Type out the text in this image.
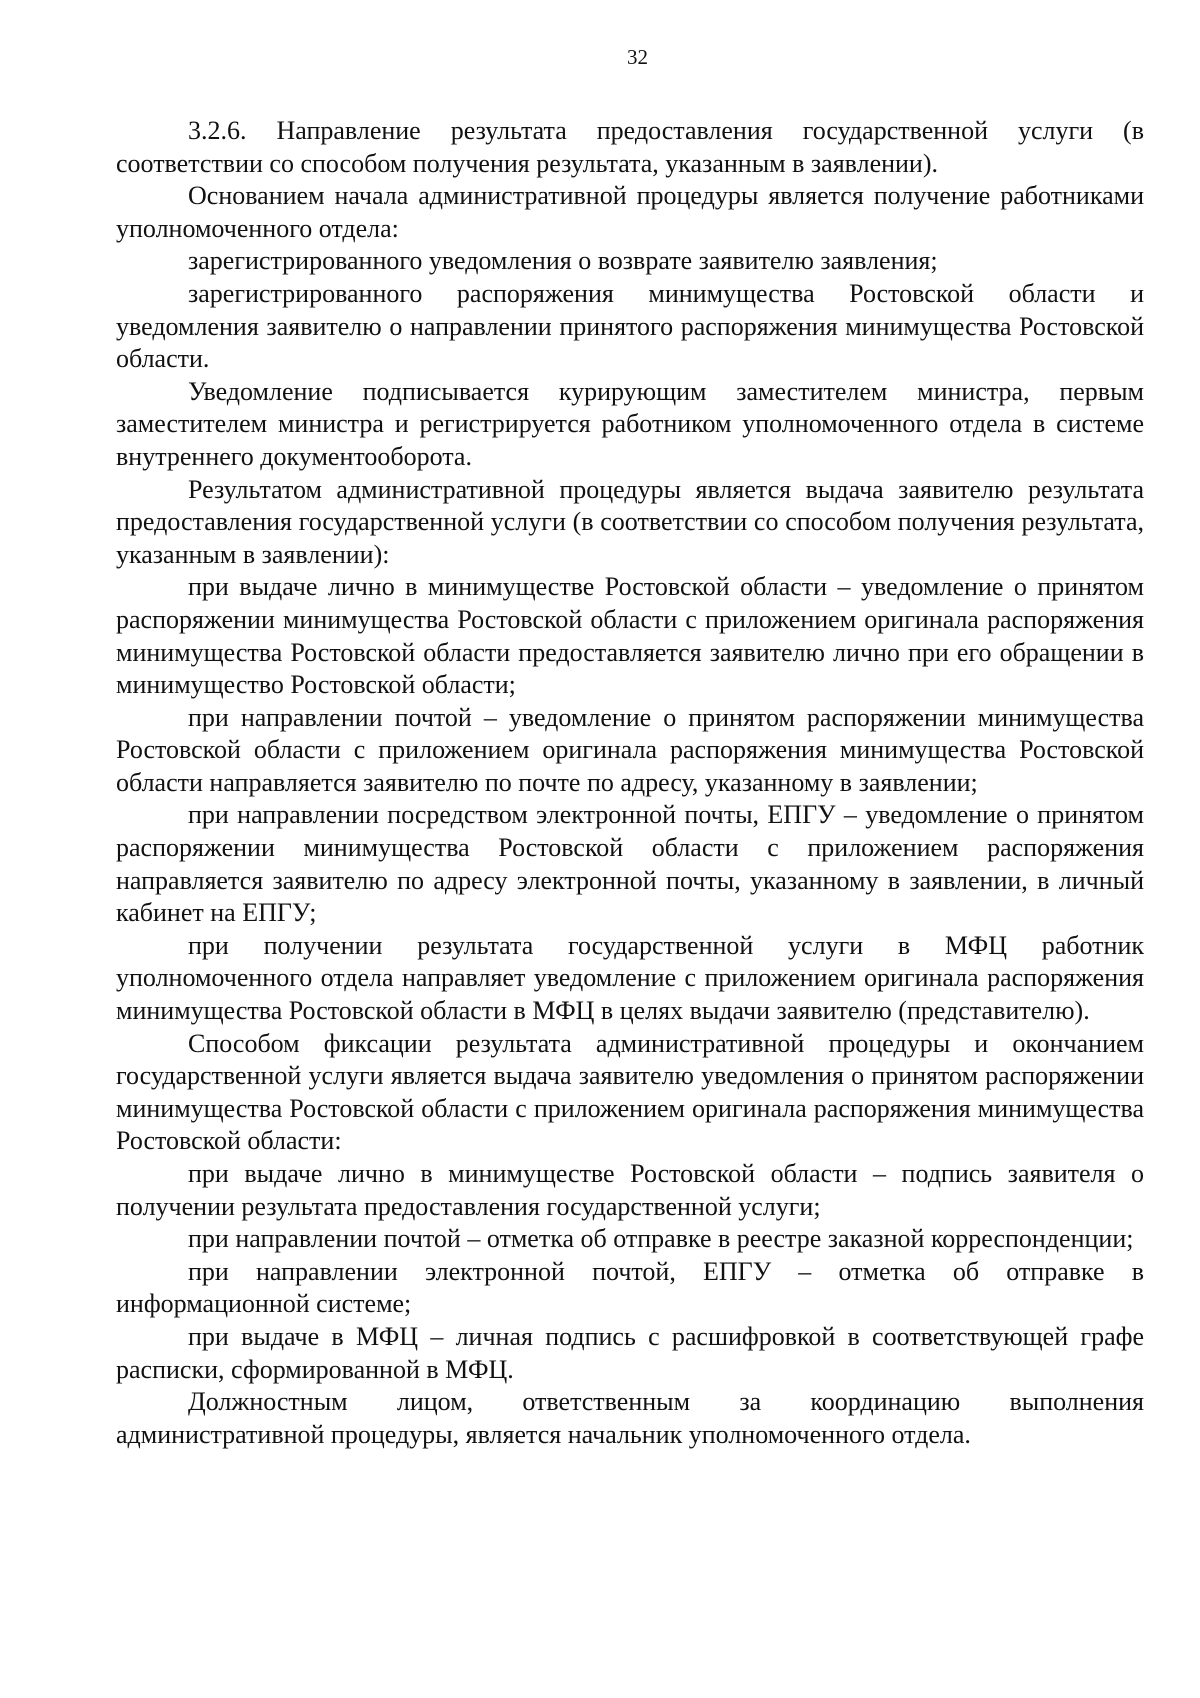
32

3.2.6. Направление результата предоставления государственной услуги (в соответствии со способом получения результата, указанным в заявлении).

Основанием начала административной процедуры является получение работниками уполномоченного отдела:

зарегистрированного уведомления о возврате заявителю заявления;

зарегистрированного распоряжения минимущества Ростовской области и уведомления заявителю о направлении принятого распоряжения минимущества Ростовской области.

Уведомление подписывается курирующим заместителем министра, первым заместителем министра и регистрируется работником уполномоченного отдела в системе внутреннего документооборота.

Результатом административной процедуры является выдача заявителю результата предоставления государственной услуги (в соответствии со способом получения результата, указанным в заявлении):

при выдаче лично в минимуществе Ростовской области – уведомление о принятом распоряжении минимущества Ростовской области с приложением оригинала распоряжения минимущества Ростовской области предоставляется заявителю лично при его обращении в минимущество Ростовской области;

при направлении почтой – уведомление о принятом распоряжении минимущества Ростовской области с приложением оригинала распоряжения минимущества Ростовской области направляется заявителю по почте по адресу, указанному в заявлении;

при направлении посредством электронной почты, ЕПГУ – уведомление о принятом распоряжении минимущества Ростовской области с приложением распоряжения направляется заявителю по адресу электронной почты, указанному в заявлении, в личный кабинет на ЕПГУ;

при получении результата государственной услуги в МФЦ работник уполномоченного отдела направляет уведомление с приложением оригинала распоряжения минимущества Ростовской области в МФЦ в целях выдачи заявителю (представителю).

Способом фиксации результата административной процедуры и окончанием государственной услуги является выдача заявителю уведомления о принятом распоряжении минимущества Ростовской области с приложением оригинала распоряжения минимущества Ростовской области:

при выдаче лично в минимуществе Ростовской области – подпись заявителя о получении результата предоставления государственной услуги;

при направлении почтой – отметка об отправке в реестре заказной корреспонденции;

при направлении электронной почтой, ЕПГУ – отметка об отправке в информационной системе;

при выдаче в МФЦ – личная подпись с расшифровкой в соответствующей графе расписки, сформированной в МФЦ.

Должностным лицом, ответственным за координацию выполнения административной процедуры, является начальник уполномоченного отдела.
